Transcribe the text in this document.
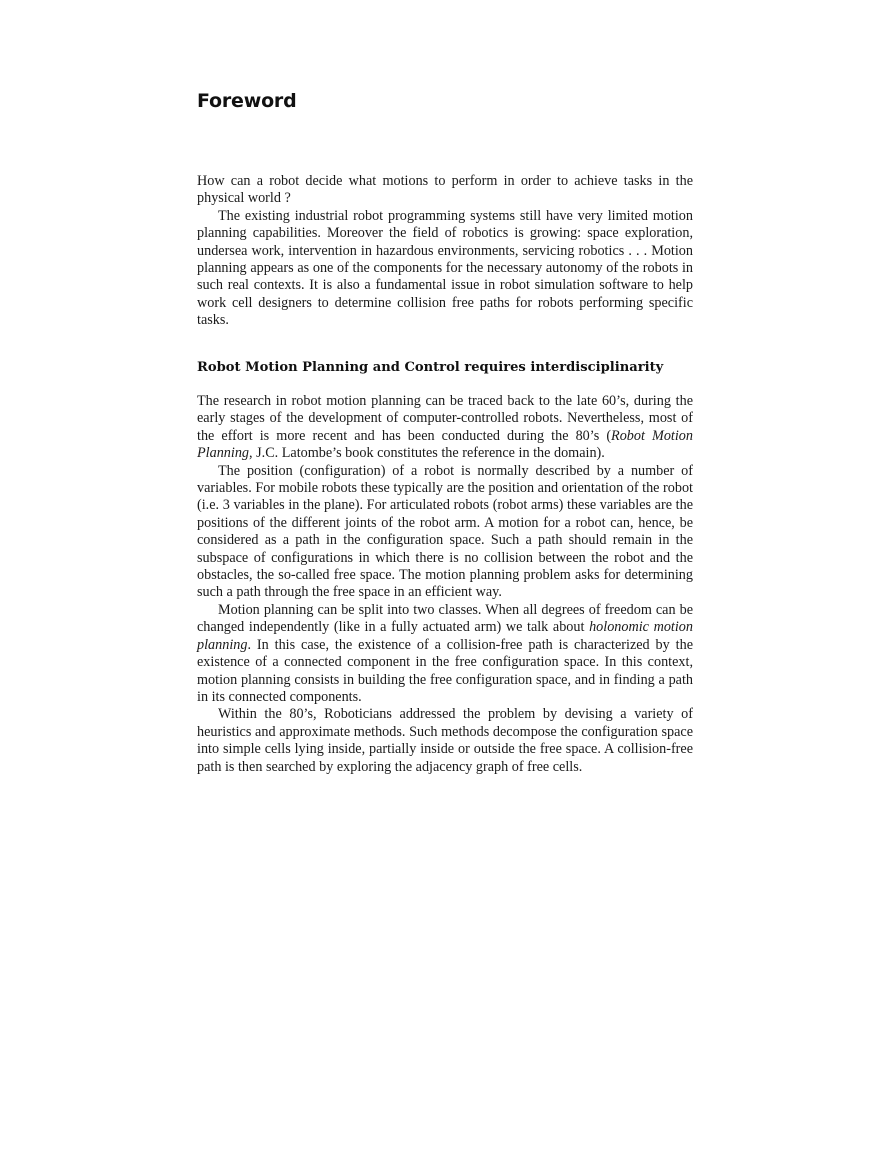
Foreword

How can a robot decide what motions to perform in order to achieve tasks in the physical world ?

The existing industrial robot programming systems still have very limited motion planning capabilities. Moreover the field of robotics is growing: space exploration, undersea work, intervention in hazardous environments, servicing robotics . . . Motion planning appears as one of the components for the necessary autonomy of the robots in such real contexts. It is also a fundamental issue in robot simulation software to help work cell designers to determine collision free paths for robots performing specific tasks.

Robot Motion Planning and Control requires interdisciplinarity

The research in robot motion planning can be traced back to the late 60’s, during the early stages of the development of computer-controlled robots. Nevertheless, most of the effort is more recent and has been conducted during the 80’s (Robot Motion Planning, J.C. Latombe’s book constitutes the reference in the domain).

The position (configuration) of a robot is normally described by a number of variables. For mobile robots these typically are the position and orientation of the robot (i.e. 3 variables in the plane). For articulated robots (robot arms) these variables are the positions of the different joints of the robot arm. A motion for a robot can, hence, be considered as a path in the configuration space. Such a path should remain in the subspace of configurations in which there is no collision between the robot and the obstacles, the so-called free space. The motion planning problem asks for determining such a path through the free space in an efficient way.

Motion planning can be split into two classes. When all degrees of freedom can be changed independently (like in a fully actuated arm) we talk about holonomic motion planning. In this case, the existence of a collision-free path is characterized by the existence of a connected component in the free configuration space. In this context, motion planning consists in building the free configuration space, and in finding a path in its connected components.

Within the 80’s, Roboticians addressed the problem by devising a variety of heuristics and approximate methods. Such methods decompose the configuration space into simple cells lying inside, partially inside or outside the free space. A collision-free path is then searched by exploring the adjacency graph of free cells.
